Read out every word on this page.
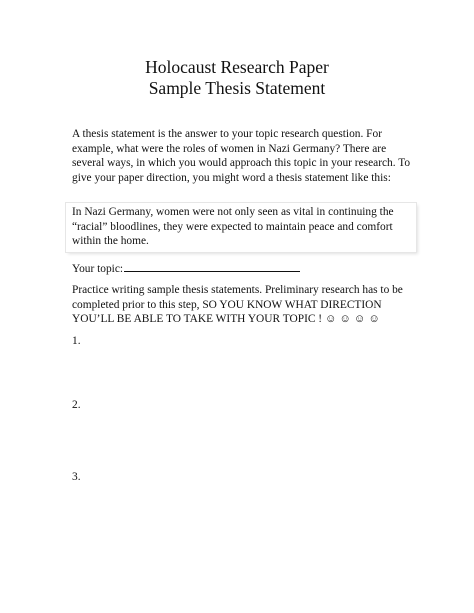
Holocaust Research Paper
Sample Thesis Statement
A thesis statement is the answer to your topic research question. For
example, what were the roles of women in Nazi Germany? There are
several ways, in which you would approach this topic in your research. To
give your paper direction, you might word a thesis statement like this:
In Nazi Germany, women were not only seen as vital in continuing the
“racial” bloodlines, they were expected to maintain peace and comfort
within the home.
Your topic:
Practice writing sample thesis statements. Preliminary research has to be
completed prior to this step, SO YOU KNOW WHAT DIRECTION
YOU’LL BE ABLE TO TAKE WITH YOUR TOPIC ! ☺ ☺ ☺ ☺
1.
2.
3.
